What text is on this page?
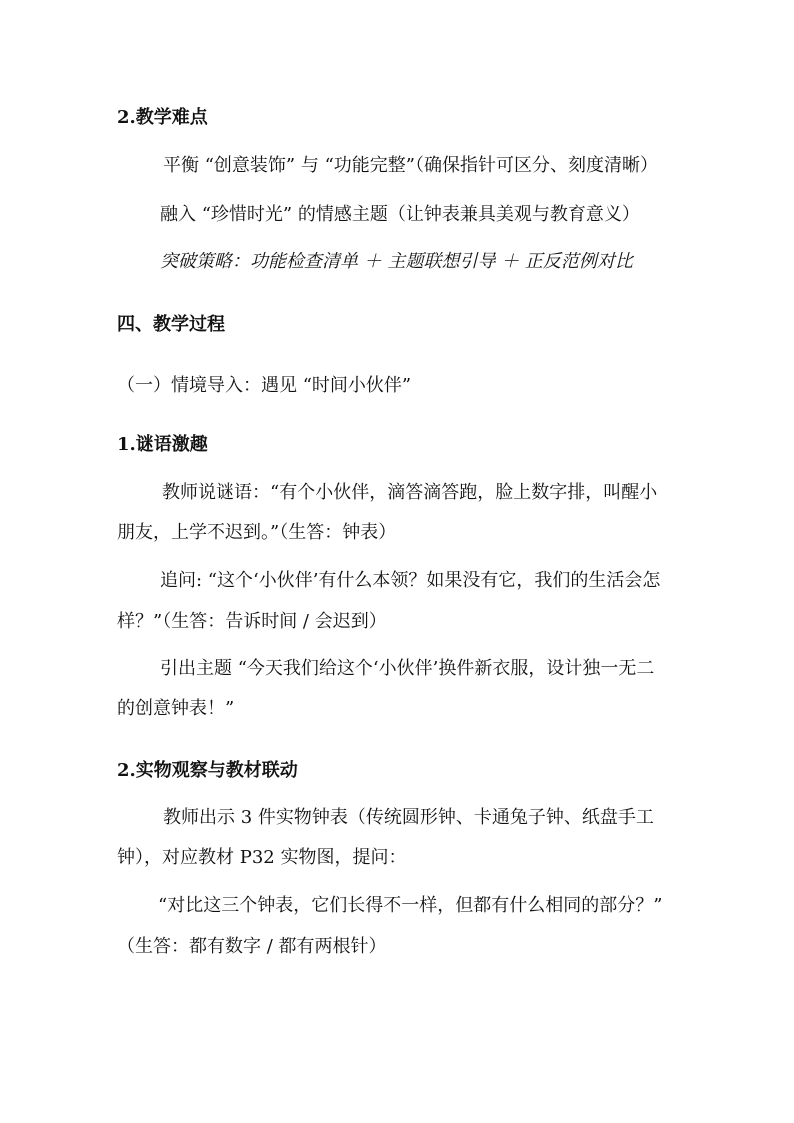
2.教学难点
平衡 “创意装饰” 与 “功能完整”（确保指针可区分、刻度清晰）
融入 “珍惜时光” 的情感主题（让钟表兼具美观与教育意义）
突破策略：功能检查清单 ＋ 主题联想引导 ＋ 正反范例对比
四、教学过程
（一）情境导入：遇见 “时间小伙伴”
1.谜语激趣
教师说谜语：“有个小伙伴，滴答滴答跑，脸上数字排，叫醒小
朋友，上学不迟到。”（生答：钟表）
追问: “这个‘小伙伴’有什么本领？如果没有它，我们的生活会怎
样？”（生答：告诉时间 / 会迟到）
引出主题 “今天我们给这个‘小伙伴’换件新衣服，设计独一无二
的创意钟表！”
2.实物观察与教材联动
教师出示 3 件实物钟表（传统圆形钟、卡通兔子钟、纸盘手工
钟），对应教材 P32 实物图，提问：
“对比这三个钟表，它们长得不一样，但都有什么相同的部分？”
（生答：都有数字 / 都有两根针）
